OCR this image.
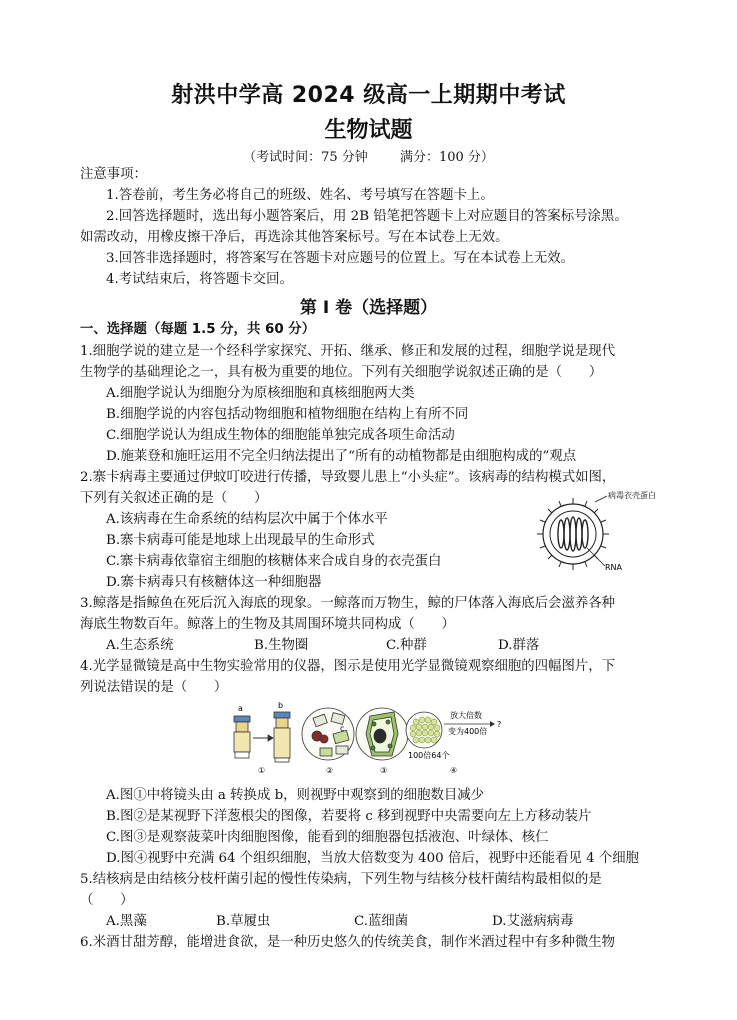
射洪中学高 2024 级高一上期期中考试
生物试题
（考试时间：75 分钟 满分：100 分）
注意事项：
1.答卷前，考生务必将自己的班级、姓名、考号填写在答题卡上。
2.回答选择题时，选出每小题答案后，用 2B 铅笔把答题卡上对应题目的答案标号涂黑。
如需改动，用橡皮擦干净后，再选涂其他答案标号。写在本试卷上无效。
3.回答非选择题时，将答案写在答题卡对应题号的位置上。写在本试卷上无效。
4.考试结束后，将答题卡交回。
第 I 卷（选择题）
一、选择题（每题 1.5 分，共 60 分）
1.细胞学说的建立是一个经科学家探究、开拓、继承、修正和发展的过程，细胞学说是现代
生物学的基础理论之一，具有极为重要的地位。下列有关细胞学说叙述正确的是（　　）
A.细胞学说认为细胞分为原核细胞和真核细胞两大类
B.细胞学说的内容包括动物细胞和植物细胞在结构上有所不同
C.细胞学说认为组成生物体的细胞能单独完成各项生命活动
D.施莱登和施旺运用不完全归纳法提出了“所有的动植物都是由细胞构成的”观点
2.寨卡病毒主要通过伊蚊叮咬进行传播，导致婴儿患上“小头症”。该病毒的结构模式如图，
下列有关叙述正确的是（　　）
A.该病毒在生命系统的结构层次中属于个体水平
B.寨卡病毒可能是地球上出现最早的生命形式
C.寨卡病毒依靠宿主细胞的核糖体来合成自身的衣壳蛋白
D.寨卡病毒只有核糖体这一种细胞器
病毒衣壳蛋白
RNA
3.鲸落是指鲸鱼在死后沉入海底的现象。一鲸落而万物生，鲸的尸体落入海底后会滋养各种
海底生物数百年。鲸落上的生物及其周围环境共同构成（　　）
A.生态系统	B.生物圈	C.种群	D.群落
4.光学显微镜是高中生物实验常用的仪器，图示是使用光学显微镜观察细胞的四幅图片，下
列说法错误的是（　　）
a	b
①	②
c
③
放大倍数
变为400倍
?
100倍64个
④
A.图①中将镜头由 a 转换成 b，则视野中观察到的细胞数目减少
B.图②是某视野下洋葱根尖的图像，若要将 c 移到视野中央需要向左上方移动装片
C.图③是观察菠菜叶肉细胞图像，能看到的细胞器包括液泡、叶绿体、核仁
D.图④视野中充满 64 个组织细胞，当放大倍数变为 400 倍后，视野中还能看见 4 个细胞
5.结核病是由结核分枝杆菌引起的慢性传染病，下列生物与结核分枝杆菌结构最相似的是
（　　）
A.黑藻	B.草履虫	C.蓝细菌	D.艾滋病病毒
6.米酒甘甜芳醇，能增进食欲，是一种历史悠久的传统美食，制作米酒过程中有多种微生物
